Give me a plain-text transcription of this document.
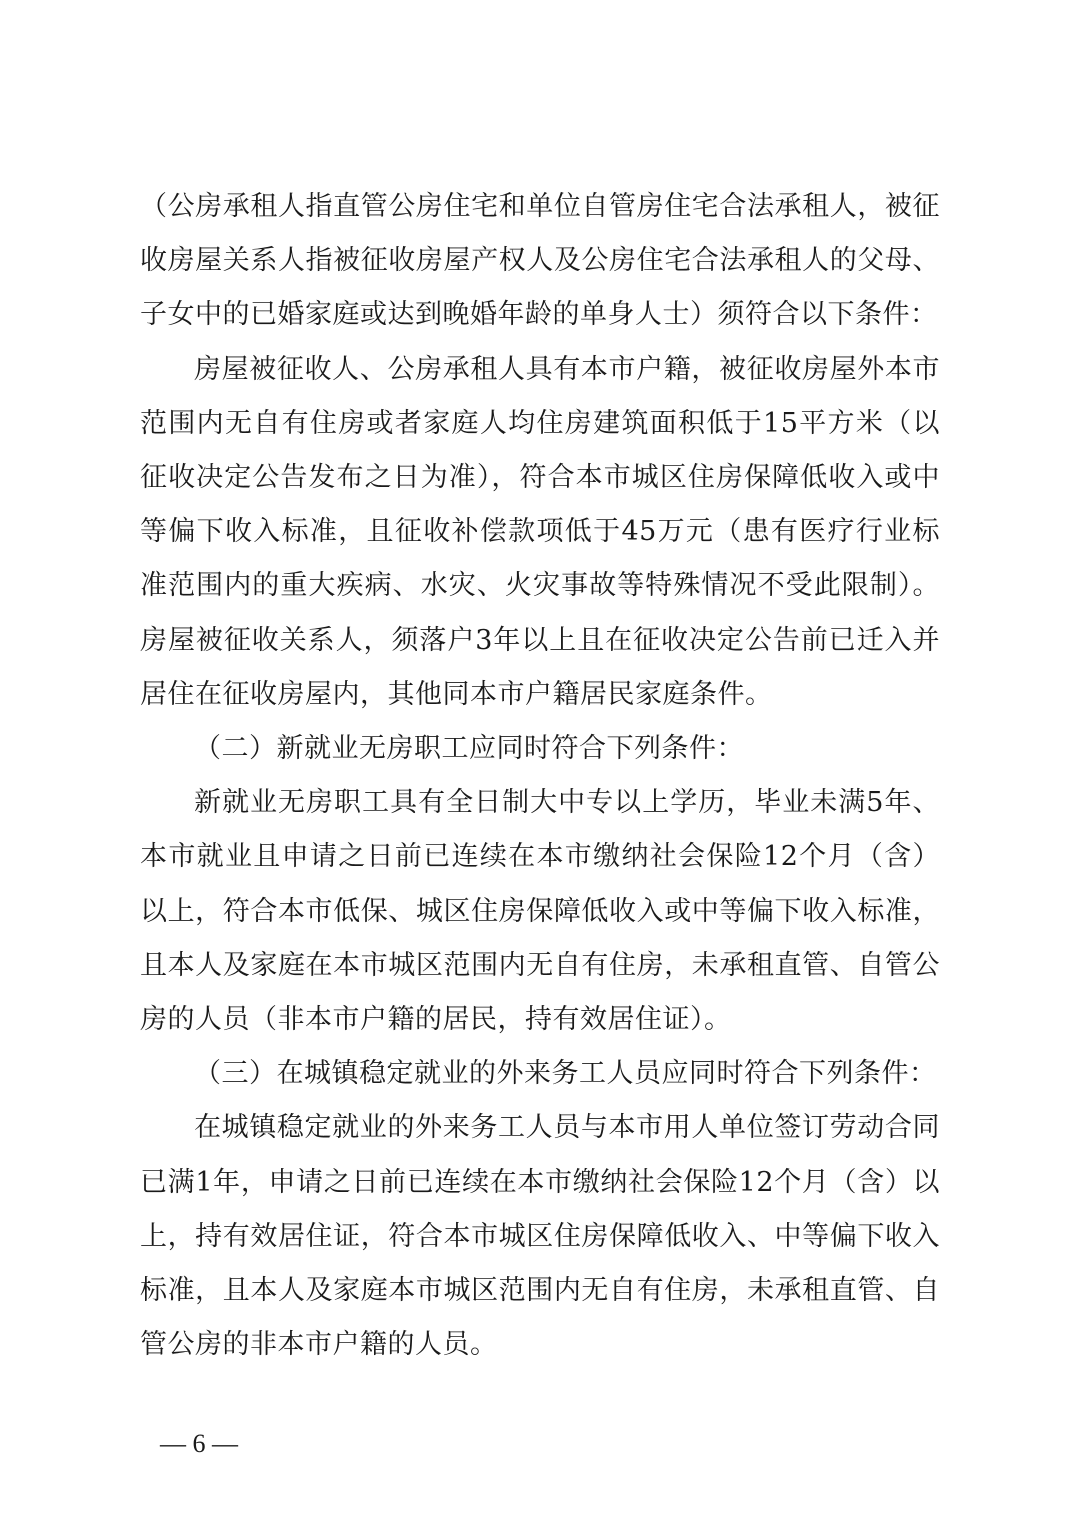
（公房承租人指直管公房住宅和单位自管房住宅合法承租人，被征收房屋关系人指被征收房屋产权人及公房住宅合法承租人的父母、子女中的已婚家庭或达到晚婚年龄的单身人士）须符合以下条件：

房屋被征收人、公房承租人具有本市户籍，被征收房屋外本市范围内无自有住房或者家庭人均住房建筑面积低于15平方米（以征收决定公告发布之日为准），符合本市城区住房保障低收入或中等偏下收入标准，且征收补偿款项低于45万元（患有医疗行业标准范围内的重大疾病、水灾、火灾事故等特殊情况不受此限制）。房屋被征收关系人，须落户3年以上且在征收决定公告前已迁入并居住在征收房屋内，其他同本市户籍居民家庭条件。

（二）新就业无房职工应同时符合下列条件：

新就业无房职工具有全日制大中专以上学历，毕业未满5年、本市就业且申请之日前已连续在本市缴纳社会保险12个月（含）以上，符合本市低保、城区住房保障低收入或中等偏下收入标准，且本人及家庭在本市城区范围内无自有住房，未承租直管、自管公房的人员（非本市户籍的居民，持有效居住证）。

（三）在城镇稳定就业的外来务工人员应同时符合下列条件：

在城镇稳定就业的外来务工人员与本市用人单位签订劳动合同已满1年，申请之日前已连续在本市缴纳社会保险12个月（含）以上，持有效居住证，符合本市城区住房保障低收入、中等偏下收入标准，且本人及家庭本市城区范围内无自有住房，未承租直管、自管公房的非本市户籍的人员。

— 6 —
